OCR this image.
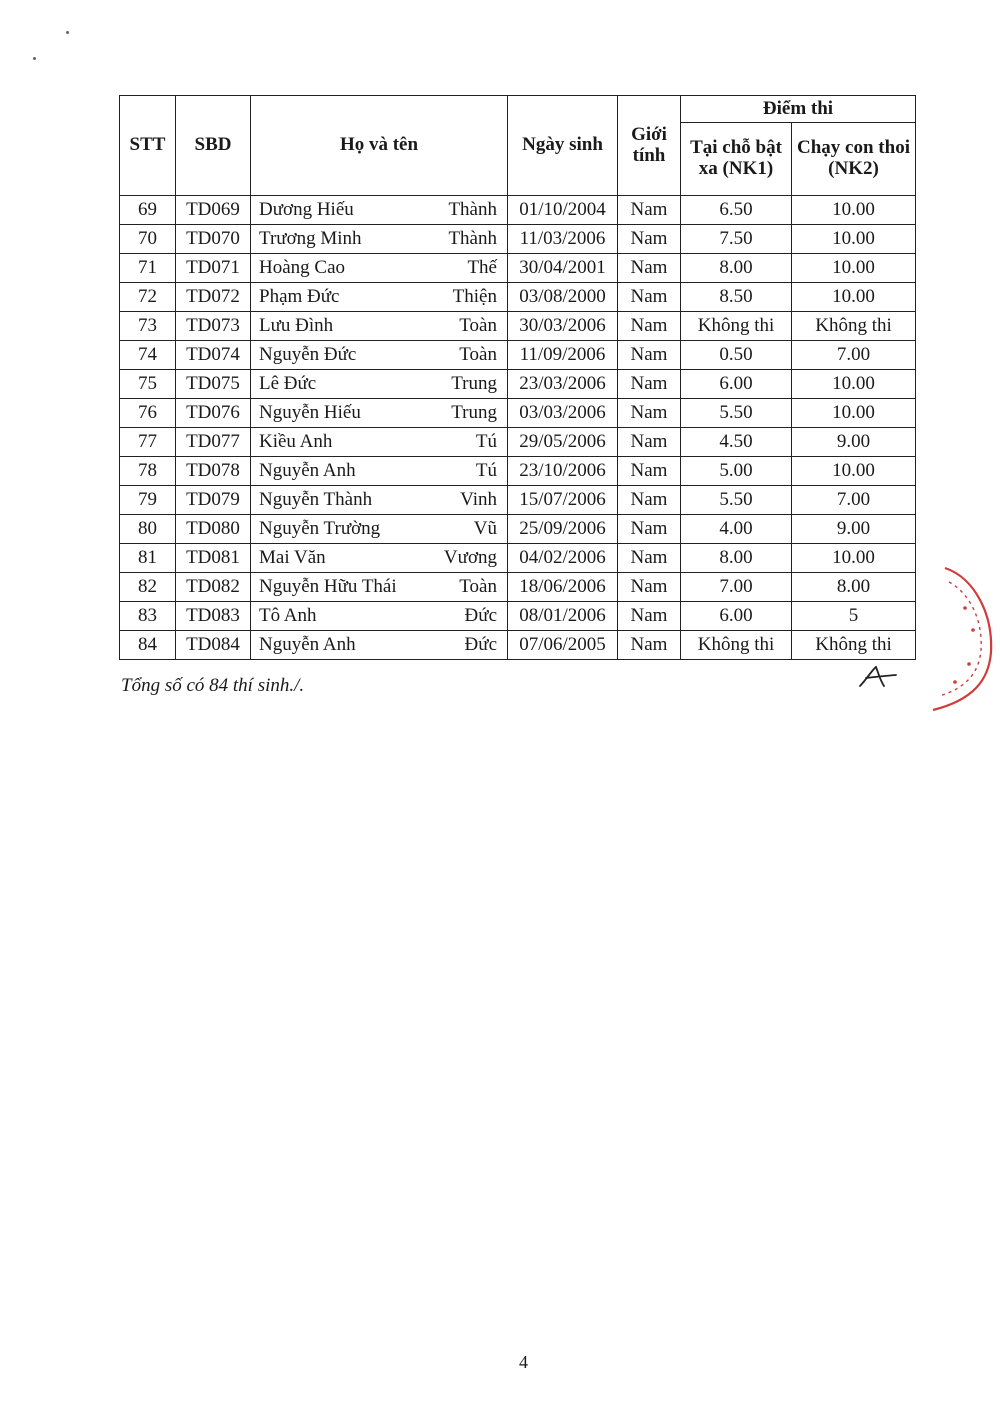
STT	SBD	Họ và tên	Ngày sinh	Giới tính	Điểm thi	
					Tại chỗ bật xa (NK1)	Chạy con thoi (NK2)
69	TD069	Dương Hiếu Thành	01/10/2004	Nam	6.50	10.00
70	TD070	Trương Minh Thành	11/03/2006	Nam	7.50	10.00
71	TD071	Hoàng Cao Thế	30/04/2001	Nam	8.00	10.00
72	TD072	Phạm Đức Thiện	03/08/2000	Nam	8.50	10.00
73	TD073	Lưu Đình Toàn	30/03/2006	Nam	Không thi	Không thi
74	TD074	Nguyễn Đức Toàn	11/09/2006	Nam	0.50	7.00
75	TD075	Lê Đức Trung	23/03/2006	Nam	6.00	10.00
76	TD076	Nguyễn Hiếu Trung	03/03/2006	Nam	5.50	10.00
77	TD077	Kiều Anh Tú	29/05/2006	Nam	4.50	9.00
78	TD078	Nguyễn Anh Tú	23/10/2006	Nam	5.00	10.00
79	TD079	Nguyễn Thành Vinh	15/07/2006	Nam	5.50	7.00
80	TD080	Nguyễn Trường Vũ	25/09/2006	Nam	4.00	9.00
81	TD081	Mai Văn Vương	04/02/2006	Nam	8.00	10.00
82	TD082	Nguyễn Hữu Thái Toàn	18/06/2006	Nam	7.00	8.00
83	TD083	Tô Anh Đức	08/01/2006	Nam	6.00	5
84	TD084	Nguyễn Anh Đức	07/06/2005	Nam	Không thi	Không thi
Tổng số có 84 thí sinh./.
4
